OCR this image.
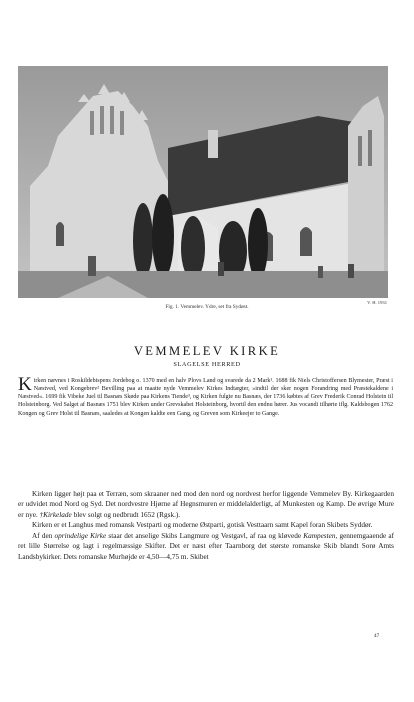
Fig. 1. Vemmelev. Ydre, set fra Sydøst.
V. H. 1931
VEMMELEV KIRKE
SLAGELSE HERRED
Kirken nævnes i Roskildebispens Jordebog o. 1370 med en halv Plovs Land og svarede da 2 Mark¹. 1688 fik Niels Christoffersen Blymester, Præst i Næstved, ved Kongebrev² Bevilling paa at maatte nyde Vemmelev Kirkes Indtægter, »indtil der sker nogen Forandring med Præstekaldene i Næstved«. 1699 fik Vibeke Juel til Basnæs Skøde paa Kirkens Tiende³, og Kirken fulgte nu Basnæs, der 1736 købtes af Grev Frederik Conrad Holstein til Holsteinborg. Ved Salget af Basnæs 1751 blev Kirken under Grevskabet Holsteinborg, hvortil den endnu hører. Jus vocandi tilhørte iflg. Kaldsbogen 1762 Kongen og Grev Holst til Basnæs, saaledes at Kongen kaldte een Gang, og Greven som Kirkeejer to Gange.

Kirken ligger højt paa et Terræn, som skraaner ned mod den nord og nordvest herfor liggende Vemmelev By. Kirkegaarden er udvidet mod Nord og Syd. Det nordvestre Hjørne af Hegnsmuren er middelalderligt, af Munkesten og Kamp. De øvrige Mure er nye. †Kirkelade blev solgt og nedbrudt 1652 (Rgsk.).

Kirken er et Langhus med romansk Vestparti og moderne Østparti, gotisk Vesttaarn samt Kapel foran Skibets Syddør.

Af den oprindelige Kirke staar det anselige Skibs Langmure og Vestgavl, af raa og kløvede Kampesten, gennemgaaende af ret lille Størrelse og lagt i regelmæssige Skifter. Det er næst efter Taarnborg det største romanske Skib blandt Sorø Amts Landsbykirker. Dets romanske Murhøjde er 4,50—4,75 m. Skibet

47
